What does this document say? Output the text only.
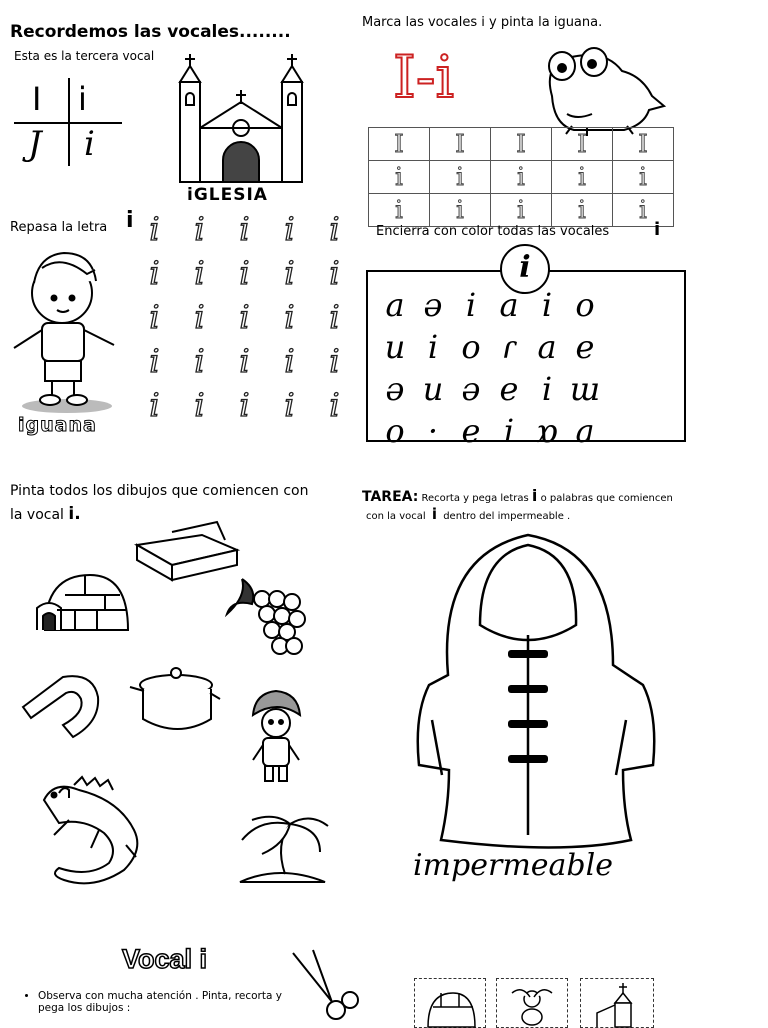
Recordemos las vocales........
Esta es la tercera vocal
I i
J i
iGLESIA
Marca las vocales i y pinta la iguana.
I-i
I	I	I	I	I
i	i	i	i	i
i	i	i	i	i
Repasa la letra i i	i	i	i	i
i	i	i	i	i
i	i	i	i	i
i	i	i	i	i
i	i	i	i	i
iguana
Encierra con color todas las vocales i
i
a ə i a i o
u i o ɾ a e
ə u ə e i ɯ
o · e i ɒ a
Pinta todos los dibujos que comiencen con
la vocal i.
TAREA: Recorta y pega letras i o palabras que comiencen
con la vocal i dentro del impermeable .
impermeable
Vocal i
• Observa con mucha atención . Pinta, recorta y pega los dibujos :
